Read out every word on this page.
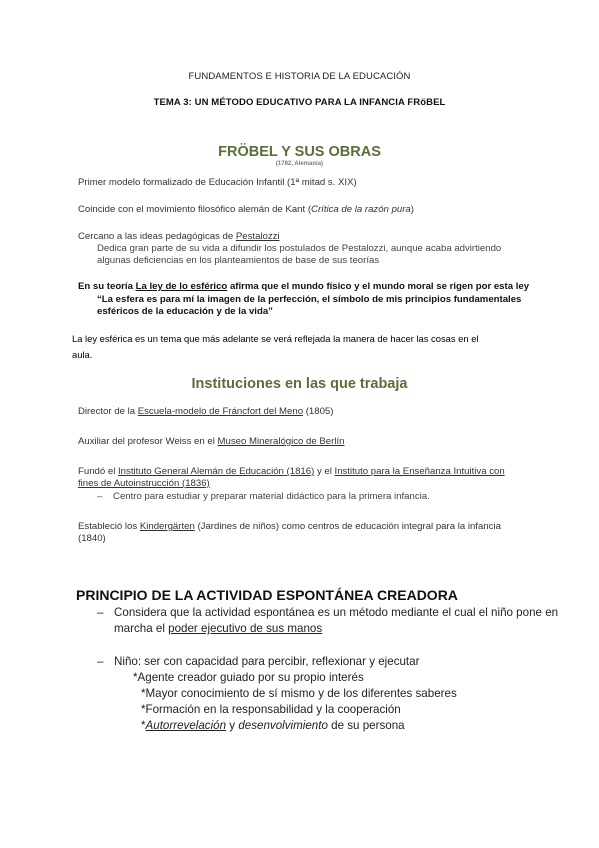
FUNDAMENTOS E HISTORIA DE LA EDUCACIÓN
TEMA 3: UN MÉTODO EDUCATIVO PARA LA INFANCIA FRöBEL
FRÖBEL Y SUS OBRAS
(1782, Alemania)
Primer modelo formalizado de Educación Infantil (1ª mitad s. XIX)
Coincide con el movimiento filosófico alemán de Kant (Crítica de la razón pura)
Cercano a las ideas pedagógicas de Pestalozzi
Dedica gran parte de su vida a difundir los postulados de Pestalozzi, aunque acaba advirtiendo
algunas deficiencias en los planteamientos de base de sus teorías
En su teoría La ley de lo esférico afirma que el mundo físico y el mundo moral se rigen por esta ley
“La esfera es para mí la imagen de la perfección, el símbolo de mis principios fundamentales
esféricos de la educación y de la vida”
La ley esférica es un tema que más adelante se verá reflejada la manera de hacer las cosas en el
aula.
Instituciones en las que trabaja
Director de la Escuela-modelo de Fráncfort del Meno (1805)
Auxiliar del profesor Weiss en el Museo Mineralógico de Berlín
Fundó el Instituto General Alemán de Educación (1816) y el Instituto para la Enseñanza Intuitiva con
fines de Autoinstrucción (1836)
– Centro para estudiar y preparar material didáctico para la primera infancia.
Estableció los Kindergärten (Jardines de niños) como centros de educación integral para la infancia
(1840)
PRINCIPIO DE LA ACTIVIDAD ESPONTÁNEA CREADORA
– Considera que la actividad espontánea es un método mediante el cual el niño pone en
marcha el poder ejecutivo de sus manos
– Niño: ser con capacidad para percibir, reflexionar y ejecutar
*Agente creador guiado por su propio interés
*Mayor conocimiento de sí mismo y de los diferentes saberes
*Formación en la responsabilidad y la cooperación
*Autorrevelación y desenvolvimiento de su persona
